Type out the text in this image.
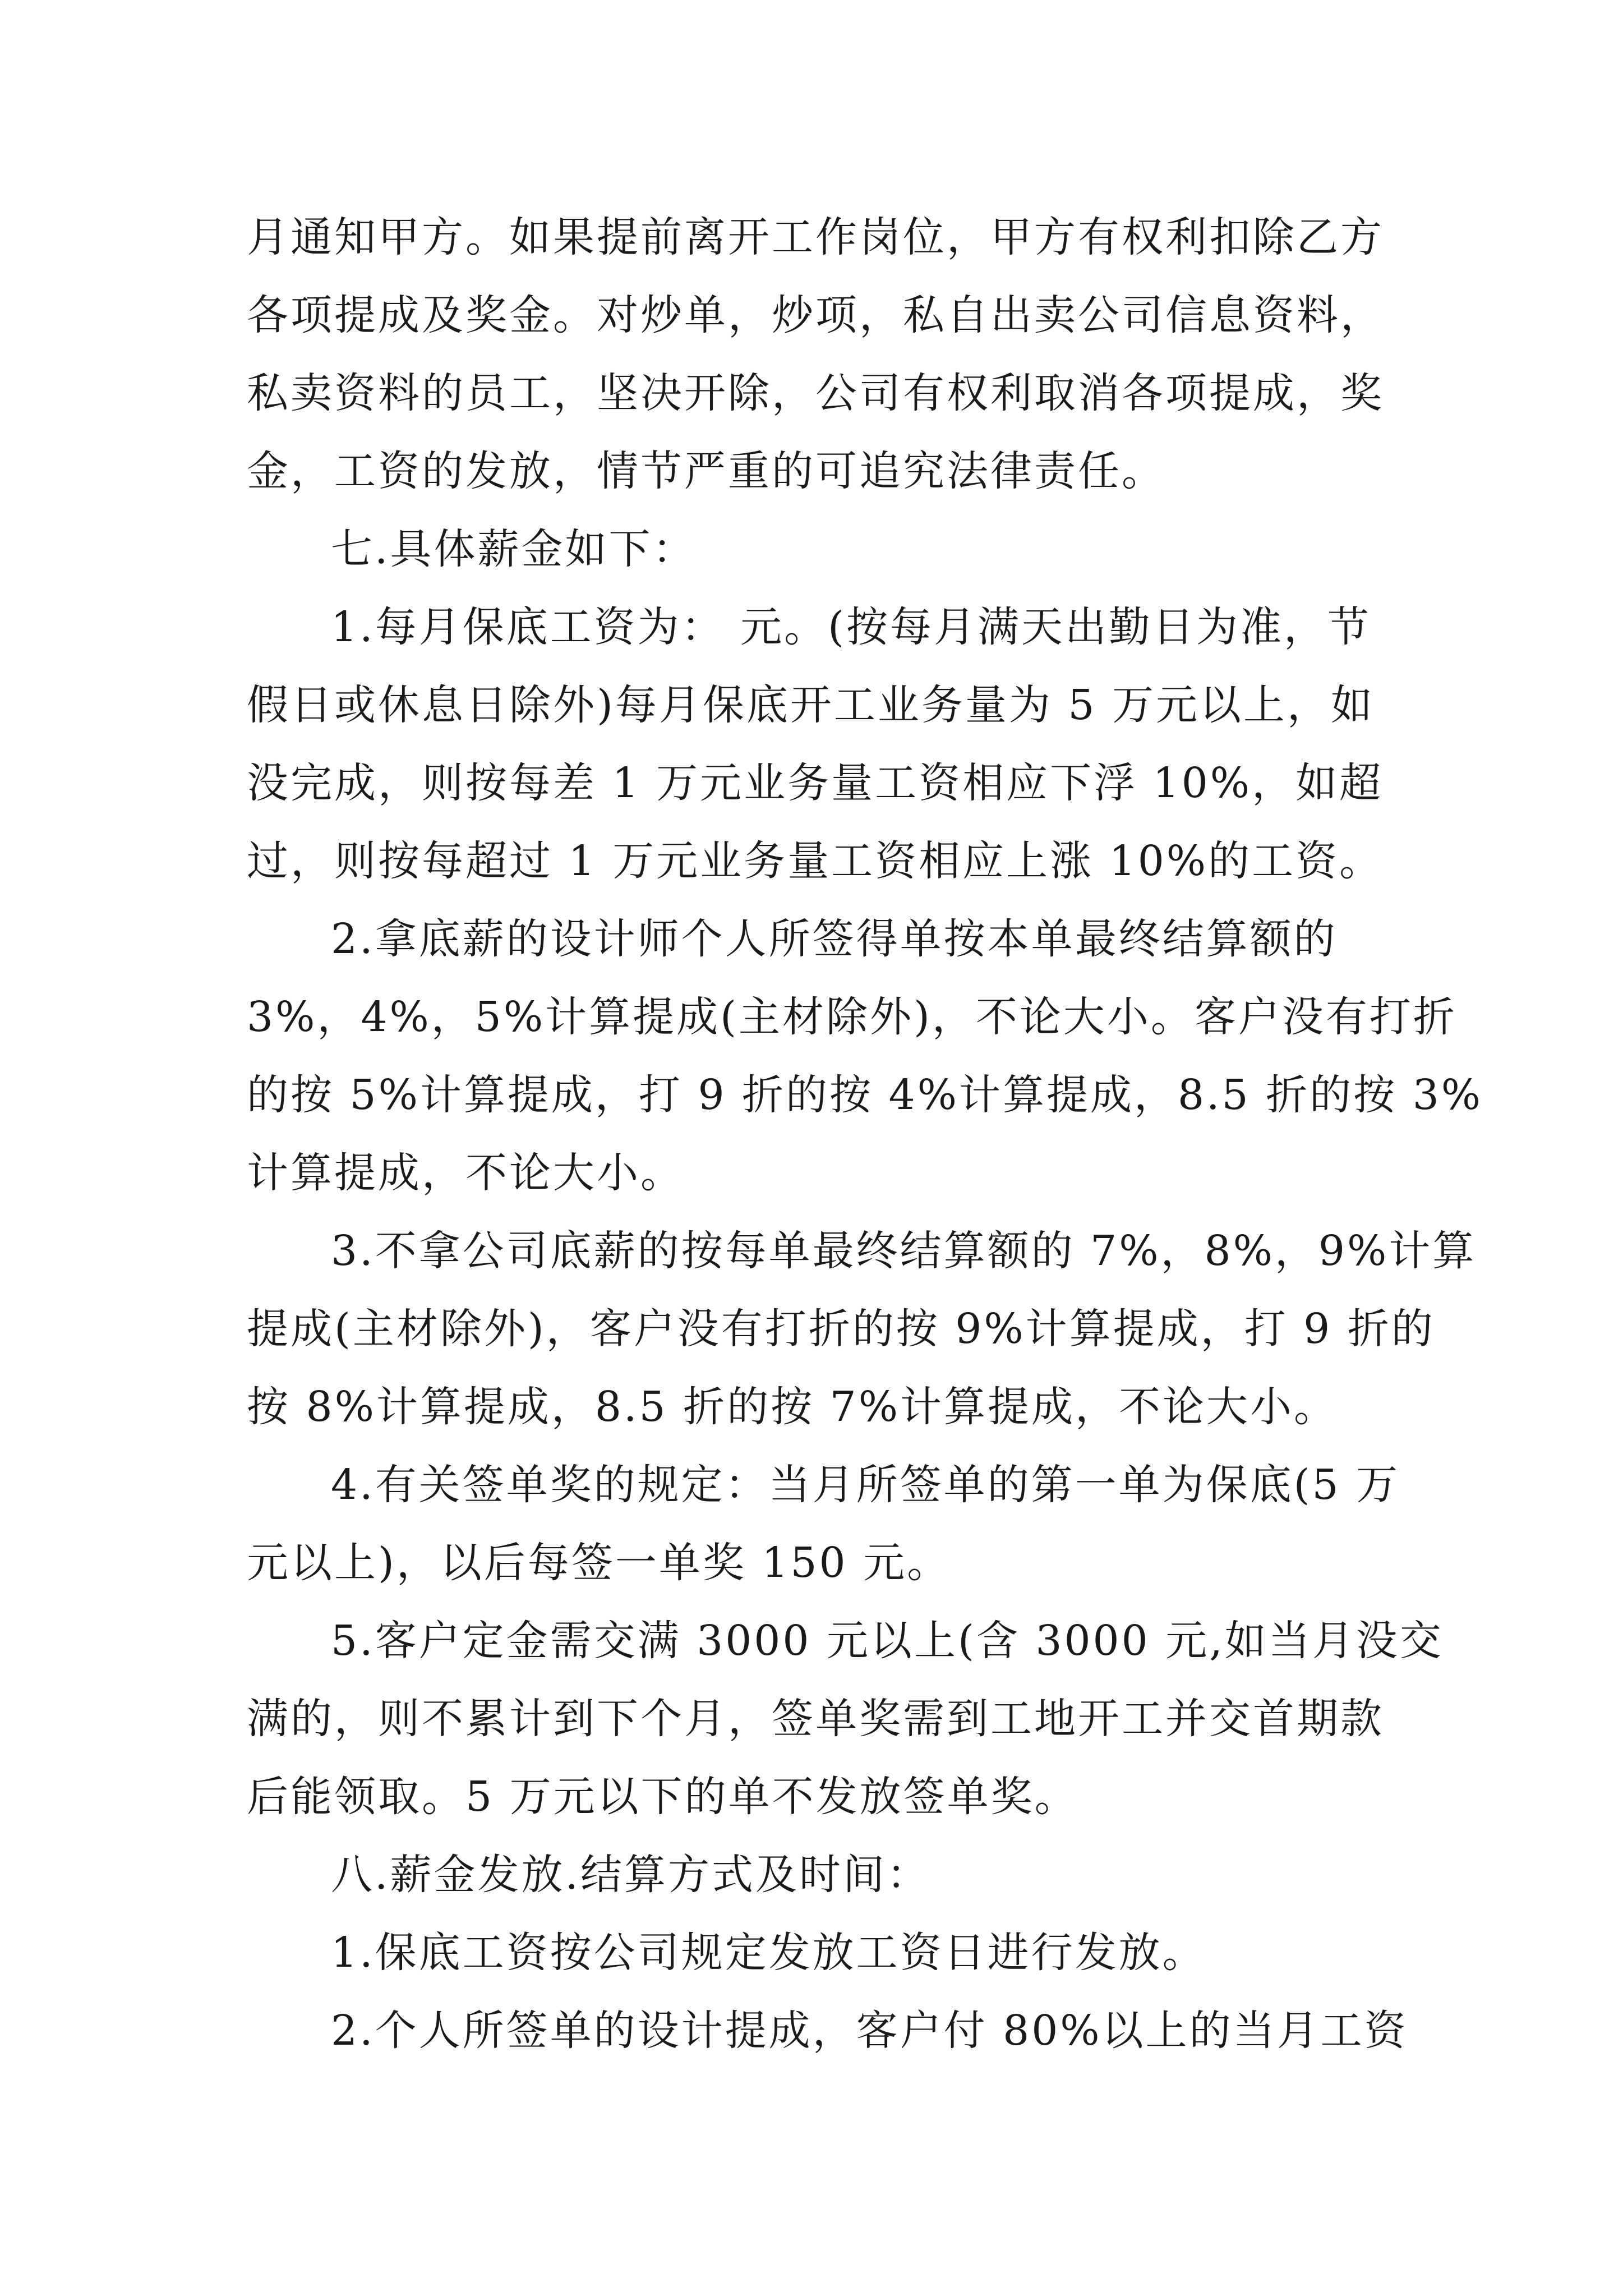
月通知甲方。如果提前离开工作岗位，甲方有权利扣除乙方
各项提成及奖金。对炒单，炒项，私自出卖公司信息资料，
私卖资料的员工，坚决开除，公司有权利取消各项提成，奖
金，工资的发放，情节严重的可追究法律责任。
七.具体薪金如下：
1.每月保底工资为： 元。(按每月满天出勤日为准，节
假日或休息日除外)每月保底开工业务量为 5 万元以上，如
没完成，则按每差 1 万元业务量工资相应下浮 10%，如超
过，则按每超过 1 万元业务量工资相应上涨 10%的工资。
2.拿底薪的设计师个人所签得单按本单最终结算额的
3%，4%，5%计算提成(主材除外)，不论大小。客户没有打折
的按 5%计算提成，打 9 折的按 4%计算提成，8.5 折的按 3%
计算提成，不论大小。
3.不拿公司底薪的按每单最终结算额的 7%，8%，9%计算
提成(主材除外)，客户没有打折的按 9%计算提成，打 9 折的
按 8%计算提成，8.5 折的按 7%计算提成，不论大小。
4.有关签单奖的规定：当月所签单的第一单为保底(5 万
元以上)，以后每签一单奖 150 元。
5.客户定金需交满 3000 元以上(含 3000 元,如当月没交
满的，则不累计到下个月，签单奖需到工地开工并交首期款
后能领取。5 万元以下的单不发放签单奖。
八.薪金发放.结算方式及时间：
1.保底工资按公司规定发放工资日进行发放。
2.个人所签单的设计提成，客户付 80%以上的当月工资
